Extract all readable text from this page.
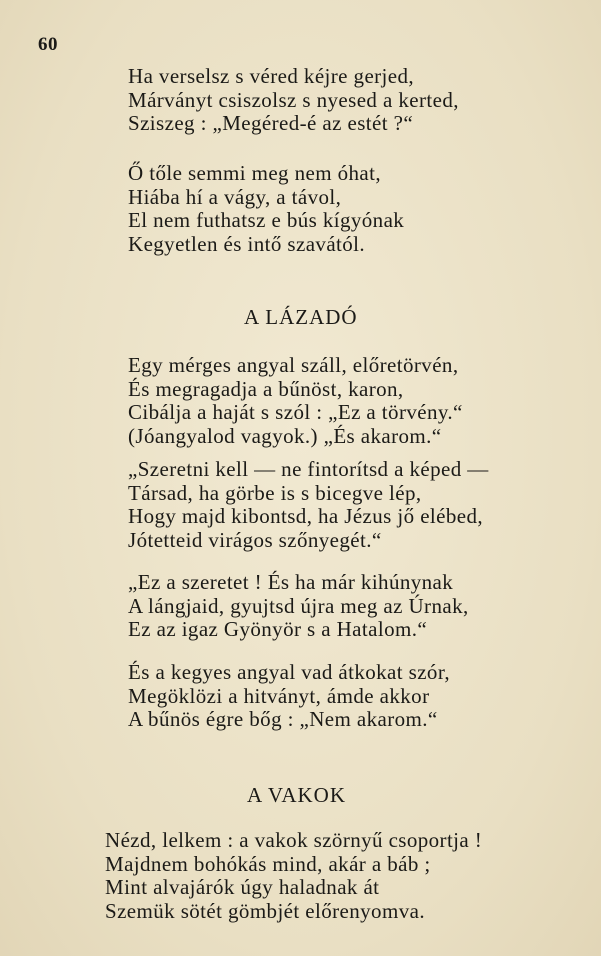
60
Ha verselsz s véred kéjre gerjed,
Márványt csiszolsz s nyesed a kerted,
Sziszeg : „Megéred-é az estét ?“
Ő tőle semmi meg nem óhat,
Hiába hí a vágy, a távol,
El nem futhatsz e bús kígyónak
Kegyetlen és intő szavától.
A LÁZADÓ
Egy mérges angyal száll, előretörvén,
És megragadja a bűnöst, karon,
Cibálja a haját s szól : „Ez a törvény.“
(Jóangyalod vagyok.) „És akarom.“
„Szeretni kell — ne fintorítsd a képed —
Társad, ha görbe is s bicegve lép,
Hogy majd kibontsd, ha Jézus jő elébed,
Jótetteid virágos szőnyegét.“
„Ez a szeretet ! És ha már kihúnynak
A lángjaid, gyujtsd újra meg az Úrnak,
Ez az igaz Gyönyör s a Hatalom.“
És a kegyes angyal vad átkokat szór,
Megöklözi a hitványt, ámde akkor
A bűnös égre bőg : „Nem akarom.“
A VAKOK
Nézd, lelkem : a vakok szörnyű csoportja !
Majdnem bohókás mind, akár a báb ;
Mint alvajárók úgy haladnak át
Szemük sötét gömbjét előrenyomva.
